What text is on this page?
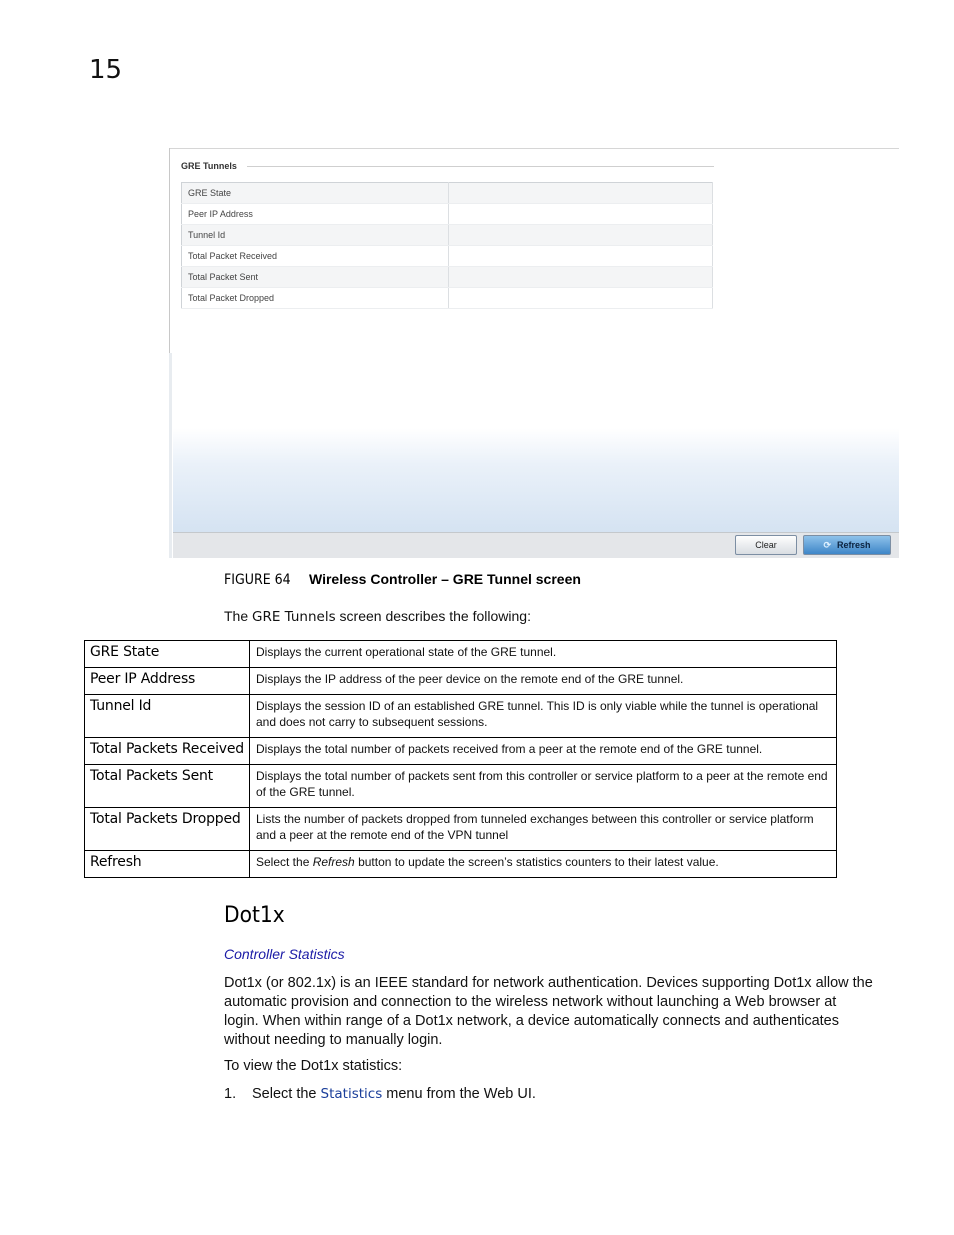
15
GRE Tunnels
GRE State	
Peer IP Address	
Tunnel Id	
Total Packet Received	
Total Packet Sent	
Total Packet Dropped	
Clear	⟳ Refresh
FIGURE 64 Wireless Controller – GRE Tunnel screen
The GRE Tunnels screen describes the following:
GRE State	Displays the current operational state of the GRE tunnel.
Peer IP Address	Displays the IP address of the peer device on the remote end of the GRE tunnel.
Tunnel Id	Displays the session ID of an established GRE tunnel. This ID is only viable while the tunnel is operational and does not carry to subsequent sessions.
Total Packets Received	Displays the total number of packets received from a peer at the remote end of the GRE tunnel.
Total Packets Sent	Displays the total number of packets sent from this controller or service platform to a peer at the remote end of the GRE tunnel.
Total Packets Dropped	Lists the number of packets dropped from tunneled exchanges between this controller or service platform and a peer at the remote end of the VPN tunnel
Refresh	Select the Refresh button to update the screen’s statistics counters to their latest value.
Dot1x
Controller Statistics
Dot1x (or 802.1x) is an IEEE standard for network authentication. Devices supporting Dot1x allow the automatic provision and connection to the wireless network without launching a Web browser at login. When within range of a Dot1x network, a device automatically connects and authenticates without needing to manually login.
To view the Dot1x statistics:
1. Select the Statistics menu from the Web UI.
